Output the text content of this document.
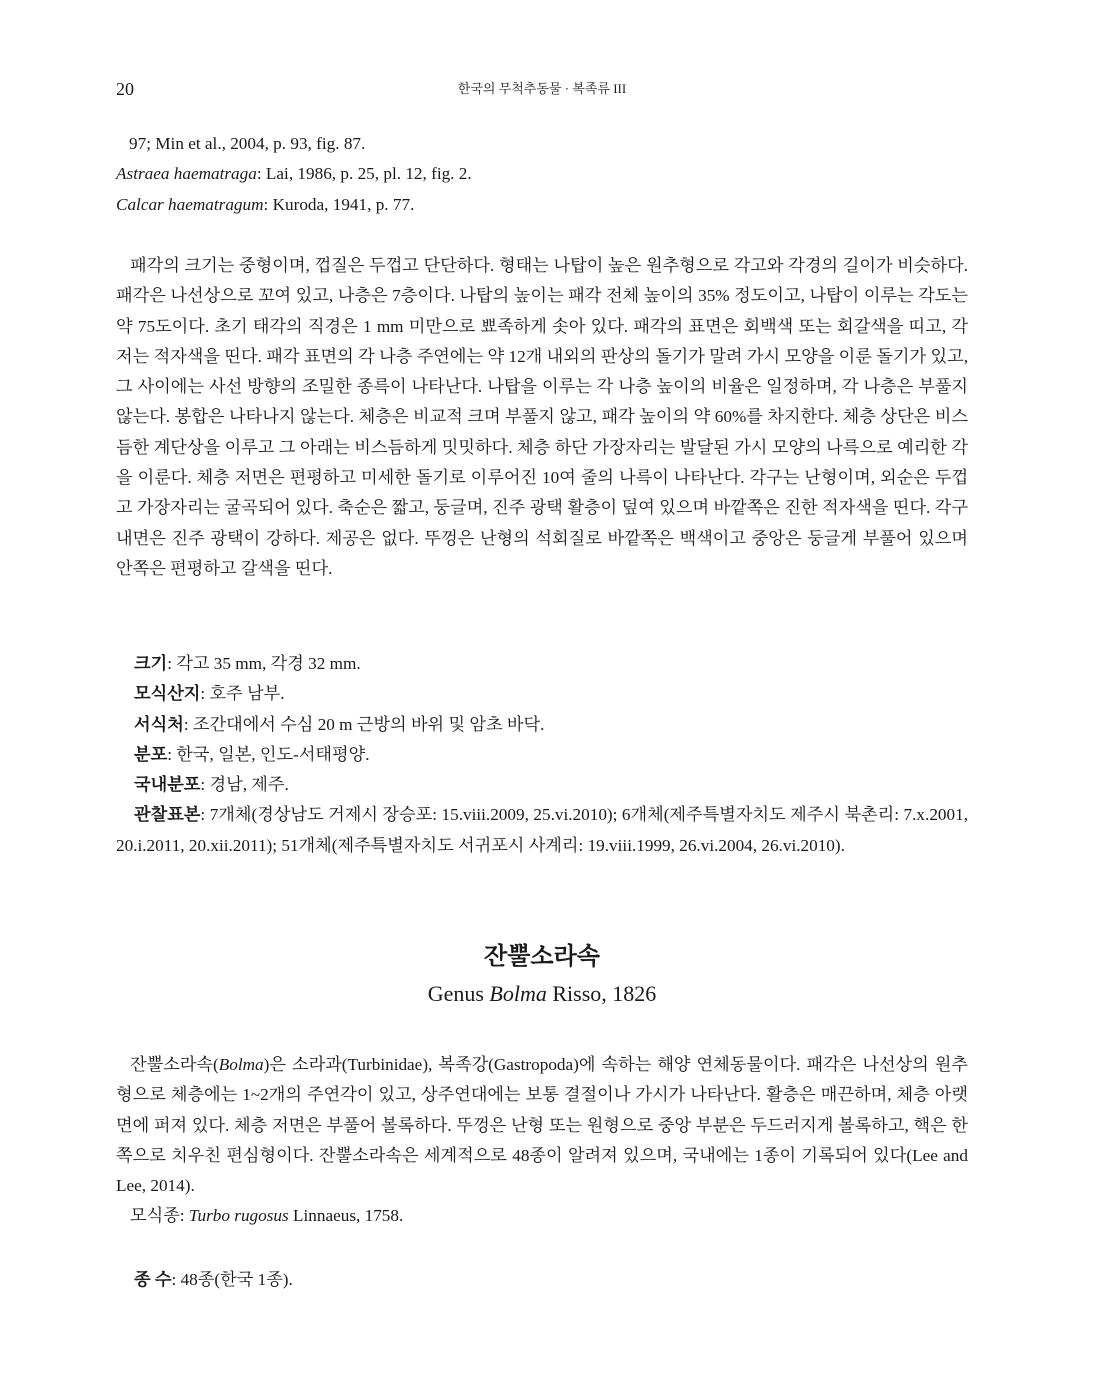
20	한국의 무척추동물 · 복족류 III
97; Min et al., 2004, p. 93, fig. 87.
Astraea haematraga: Lai, 1986, p. 25, pl. 12, fig. 2.
Calcar haematragum: Kuroda, 1941, p. 77.

패각의 크기는 중형이며, 껍질은 두껍고 단단하다. 형태는 나탑이 높은 원추형으로 각고와 각경의 길이가 비슷하다. 패각은 나선상으로 꼬여 있고, 나층은 7층이다. 나탑의 높이는 패각 전체 높이의 35% 정도이고, 나탑이 이루는 각도는 약 75도이다. 초기 태각의 직경은 1 mm 미만으로 뾰족하게 솟아 있다. 패각의 표면은 회백색 또는 회갈색을 띠고, 각저는 적자색을 띤다. 패각 표면의 각 나층 주연에는 약 12개 내외의 판상의 돌기가 말려 가시 모양을 이룬 돌기가 있고, 그 사이에는 사선 방향의 조밀한 종륵이 나타난다. 나탑을 이루는 각 나층 높이의 비율은 일정하며, 각 나층은 부풀지 않는다. 봉합은 나타나지 않는다. 체층은 비교적 크며 부풀지 않고, 패각 높이의 약 60%를 차지한다. 체층 상단은 비스듬한 계단상을 이루고 그 아래는 비스듬하게 밋밋하다. 체층 하단 가장자리는 발달된 가시 모양의 나륵으로 예리한 각을 이룬다. 체층 저면은 편평하고 미세한 돌기로 이루어진 10여 줄의 나륵이 나타난다. 각구는 난형이며, 외순은 두껍고 가장자리는 굴곡되어 있다. 축순은 짧고, 둥글며, 진주 광택 활층이 덮여 있으며 바깥쪽은 진한 적자색을 띤다. 각구 내면은 진주 광택이 강하다. 제공은 없다. 뚜껑은 난형의 석회질로 바깥쪽은 백색이고 중앙은 둥글게 부풀어 있으며 안쪽은 편평하고 갈색을 띤다.

크기: 각고 35 mm, 각경 32 mm.
모식산지: 호주 남부.
서식처: 조간대에서 수심 20 m 근방의 바위 및 암초 바닥.
분포: 한국, 일본, 인도-서태평양.
국내분포: 경남, 제주.
관찰표본: 7개체(경상남도 거제시 장승포: 15.viii.2009, 25.vi.2010); 6개체(제주특별자치도 제주시 북촌리: 7.x.2001, 20.i.2011, 20.xii.2011); 51개체(제주특별자치도 서귀포시 사계리: 19.viii.1999, 26.vi.2004, 26.vi.2010).
잔뿔소라속
Genus Bolma Risso, 1826

잔뿔소라속(Bolma)은 소라과(Turbinidae), 복족강(Gastropoda)에 속하는 해양 연체동물이다. 패각은 나선상의 원추형으로 체층에는 1~2개의 주연각이 있고, 상주연대에는 보통 결절이나 가시가 나타난다. 활층은 매끈하며, 체층 아랫면에 퍼져 있다. 체층 저면은 부풀어 볼록하다. 뚜껑은 난형 또는 원형으로 중앙 부분은 두드러지게 볼록하고, 핵은 한 쪽으로 치우친 편심형이다. 잔뿔소라속은 세계적으로 48종이 알려져 있으며, 국내에는 1종이 기록되어 있다(Lee and Lee, 2014).

모식종: Turbo rugosus Linnaeus, 1758.
종 수: 48종(한국 1종).
